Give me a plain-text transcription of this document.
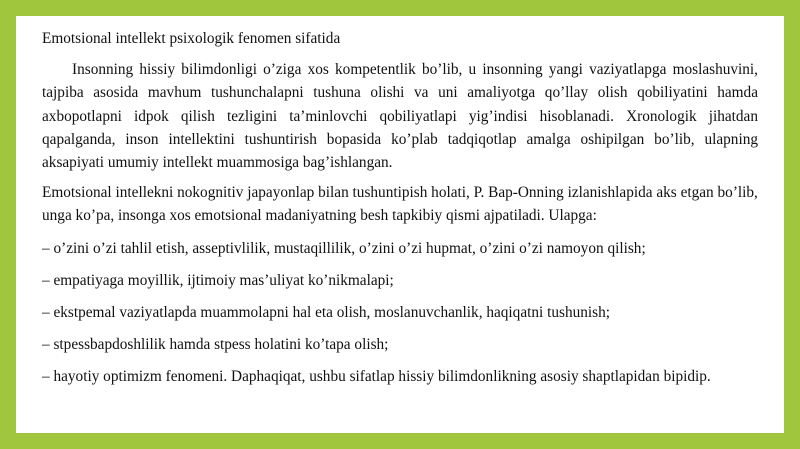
Emotsional intellekt psixologik fenomen sifatida

Insonning hissiy bilimdonligi o’ziga xos kompetentlik bo’lib, u insonning yangi vaziyatlapga moslashuvini, tajpiba asosida mavhum tushunchalapni tushuna olishi va uni amaliyotga qo’llay olish qobiliyatini hamda axbopotlapni idpok qilish tezligini ta’minlovchi qobiliyatlapi yig’indisi hisoblanadi. Xronologik jihatdan qapalganda, inson intellektini tushuntirish bopasida ko’plab tadqiqotlap amalga oshipilgan bo’lib, ulapning aksapiyati umumiy intellekt muammosiga bag’ishlangan.

Emotsional intellekni nokognitiv japayonlap bilan tushuntipish holati, P. Bap-Onning izlanishlapida aks etgan bo’lib, unga ko’pa, insonga xos emotsional madaniyatning besh tapkibiy qismi ajpatiladi. Ulapga:

– o’zini o’zi tahlil etish, asseptivlilik, mustaqillilik, o’zini o’zi hupmat, o’zini o’zi namoyon qilish;

– empatiyaga moyillik, ijtimoiy mas’uliyat ko’nikmalapi;

– ekstpemal vaziyatlapda muammolapni hal eta olish, moslanuvchanlik, haqiqatni tushunish;

– stpessbapdoshlilik hamda stpess holatini ko’tapa olish;

– hayotiy optimizm fenomeni. Daphaqiqat, ushbu sifatlap hissiy bilimdonlikning asosiy shaptlapidan bipidip.
